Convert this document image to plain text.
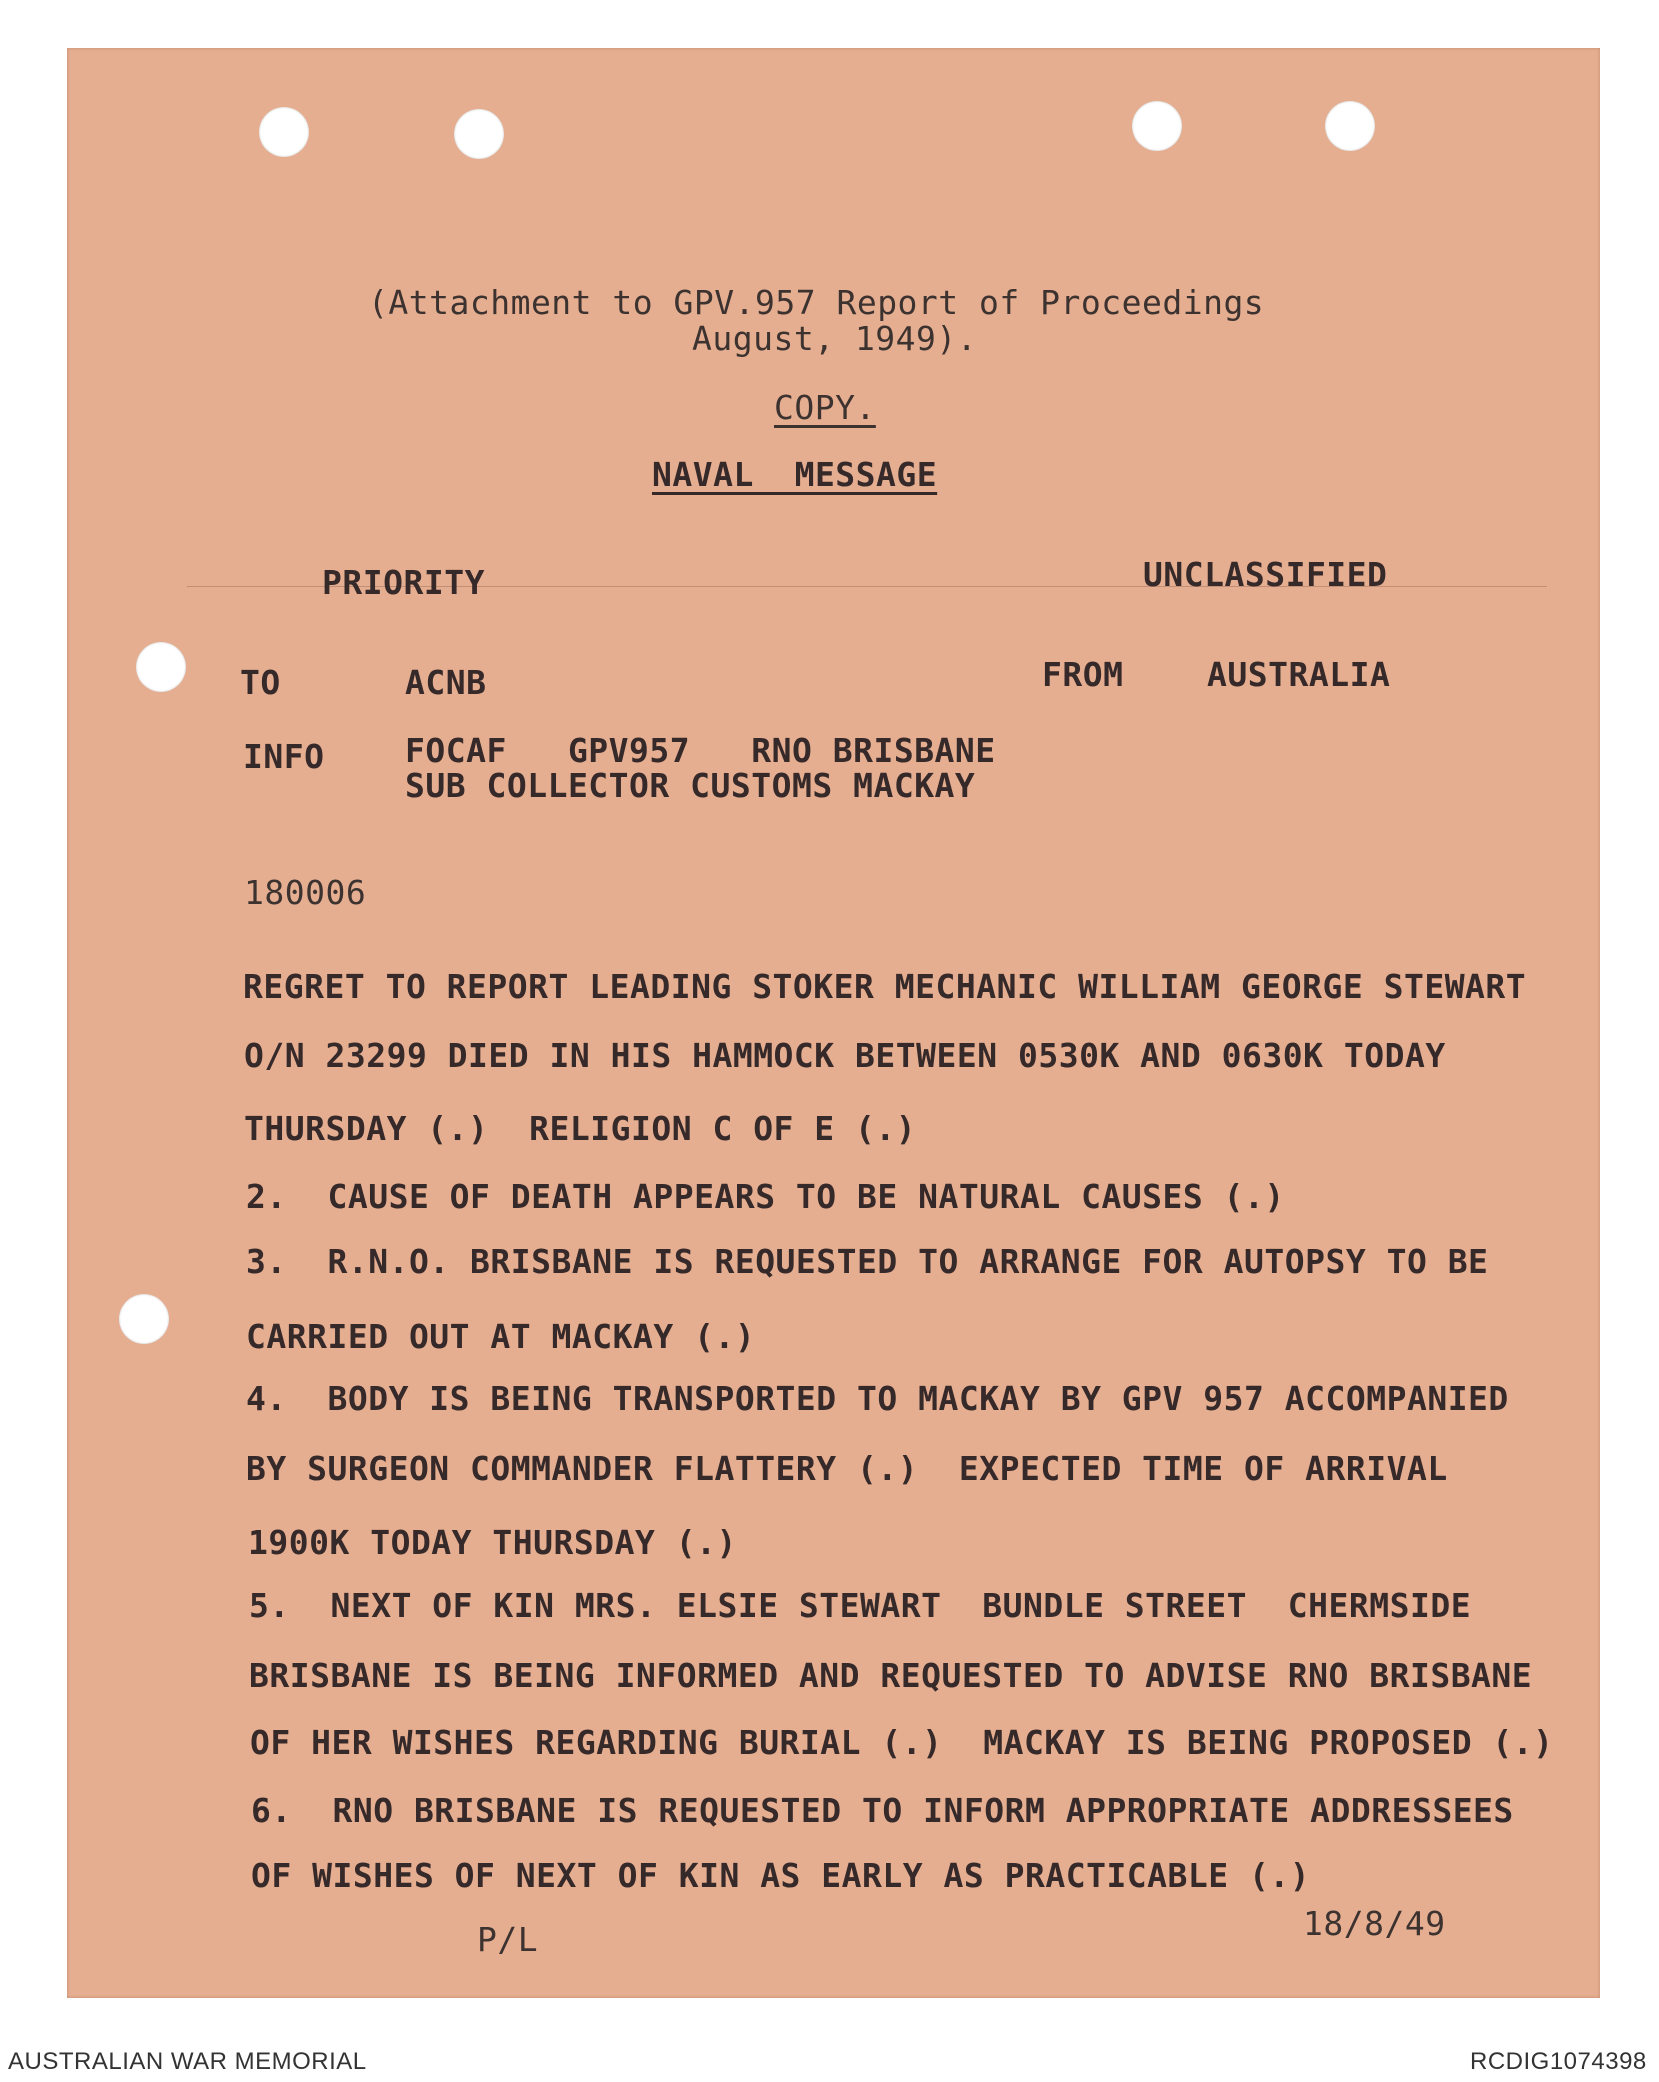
(Attachment to GPV.957 Report of Proceedings
August, 1949).
COPY.
NAVAL  MESSAGE
PRIORITY	UNCLASSIFIED
TO	ACNB	FROM	AUSTRALIA
INFO FOCAF   GPV957   RNO BRISBANE
SUB COLLECTOR CUSTOMS MACKAY
180006
REGRET TO REPORT LEADING STOKER MECHANIC WILLIAM GEORGE STEWART
O/N 23299 DIED IN HIS HAMMOCK BETWEEN 0530K AND 0630K TODAY
THURSDAY (.)  RELIGION C OF E (.)
2.  CAUSE OF DEATH APPEARS TO BE NATURAL CAUSES (.)
3.  R.N.O. BRISBANE IS REQUESTED TO ARRANGE FOR AUTOPSY TO BE
CARRIED OUT AT MACKAY (.)
4.  BODY IS BEING TRANSPORTED TO MACKAY BY GPV 957 ACCOMPANIED
BY SURGEON COMMANDER FLATTERY (.)  EXPECTED TIME OF ARRIVAL
1900K TODAY THURSDAY (.)
5.  NEXT OF KIN MRS. ELSIE STEWART  BUNDLE STREET  CHERMSIDE
BRISBANE IS BEING INFORMED AND REQUESTED TO ADVISE RNO BRISBANE
OF HER WISHES REGARDING BURIAL (.)  MACKAY IS BEING PROPOSED (.)
6.  RNO BRISBANE IS REQUESTED TO INFORM APPROPRIATE ADDRESSEES
OF WISHES OF NEXT OF KIN AS EARLY AS PRACTICABLE (.)
P/L	18/8/49
AUSTRALIAN WAR MEMORIAL	RCDIG1074398
